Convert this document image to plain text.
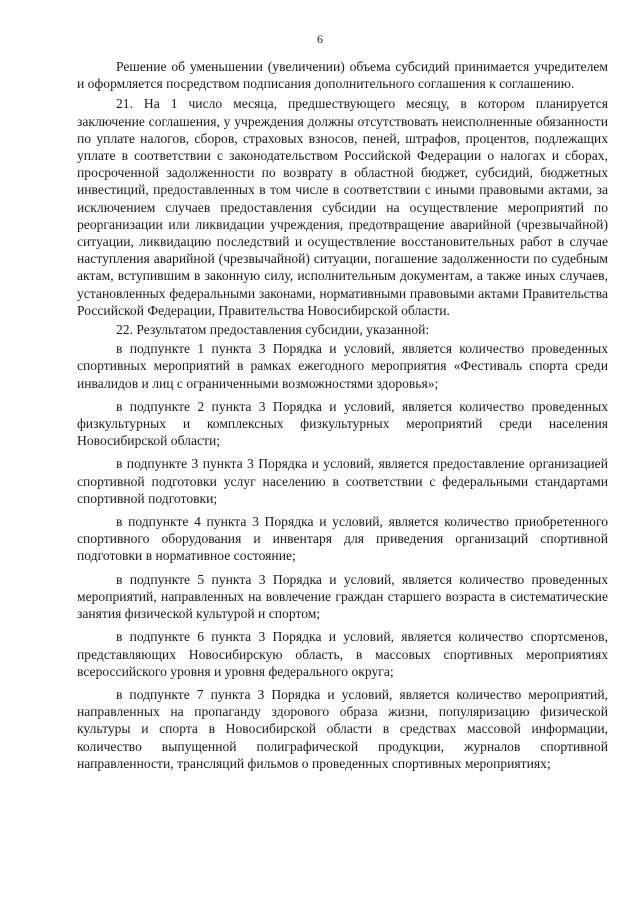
6

Решение об уменьшении (увеличении) объема субсидий принимается учредителем и оформляется посредством подписания дополнительного соглашения к соглашению.

21. На 1 число месяца, предшествующего месяцу, в котором планируется заключение соглашения, у учреждения должны отсутствовать неисполненные обязанности по уплате налогов, сборов, страховых взносов, пеней, штрафов, процентов, подлежащих уплате в соответствии с законодательством Российской Федерации о налогах и сборах, просроченной задолженности по возврату в областной бюджет, субсидий, бюджетных инвестиций, предоставленных в том числе в соответствии с иными правовыми актами, за исключением случаев предоставления субсидии на осуществление мероприятий по реорганизации или ликвидации учреждения, предотвращение аварийной (чрезвычайной) ситуации, ликвидацию последствий и осуществление восстановительных работ в случае наступления аварийной (чрезвычайной) ситуации, погашение задолженности по судебным актам, вступившим в законную силу, исполнительным документам, а также иных случаев, установленных федеральными законами, нормативными правовыми актами Правительства Российской Федерации, Правительства Новосибирской области.

22. Результатом предоставления субсидии, указанной:

в подпункте 1 пункта 3 Порядка и условий, является количество проведенных спортивных мероприятий в рамках ежегодного мероприятия «Фестиваль спорта среди инвалидов и лиц с ограниченными возможностями здоровья»;

в подпункте 2 пункта 3 Порядка и условий, является количество проведенных физкультурных и комплексных физкультурных мероприятий среди населения Новосибирской области;

в подпункте 3 пункта 3 Порядка и условий, является предоставление организацией спортивной подготовки услуг населению в соответствии с федеральными стандартами спортивной подготовки;

в подпункте 4 пункта 3 Порядка и условий, является количество приобретенного спортивного оборудования и инвентаря для приведения организаций спортивной подготовки в нормативное состояние;

в подпункте 5 пункта 3 Порядка и условий, является количество проведенных мероприятий, направленных на вовлечение граждан старшего возраста в систематические занятия физической культурой и спортом;

в подпункте 6 пункта 3 Порядка и условий, является количество спортсменов, представляющих Новосибирскую область, в массовых спортивных мероприятиях всероссийского уровня и уровня федерального округа;

в подпункте 7 пункта 3 Порядка и условий, является количество мероприятий, направленных на пропаганду здорового образа жизни, популяризацию физической культуры и спорта в Новосибирской области в средствах массовой информации, количество выпущенной полиграфической продукции, журналов спортивной направленности, трансляций фильмов о проведенных спортивных мероприятиях;
